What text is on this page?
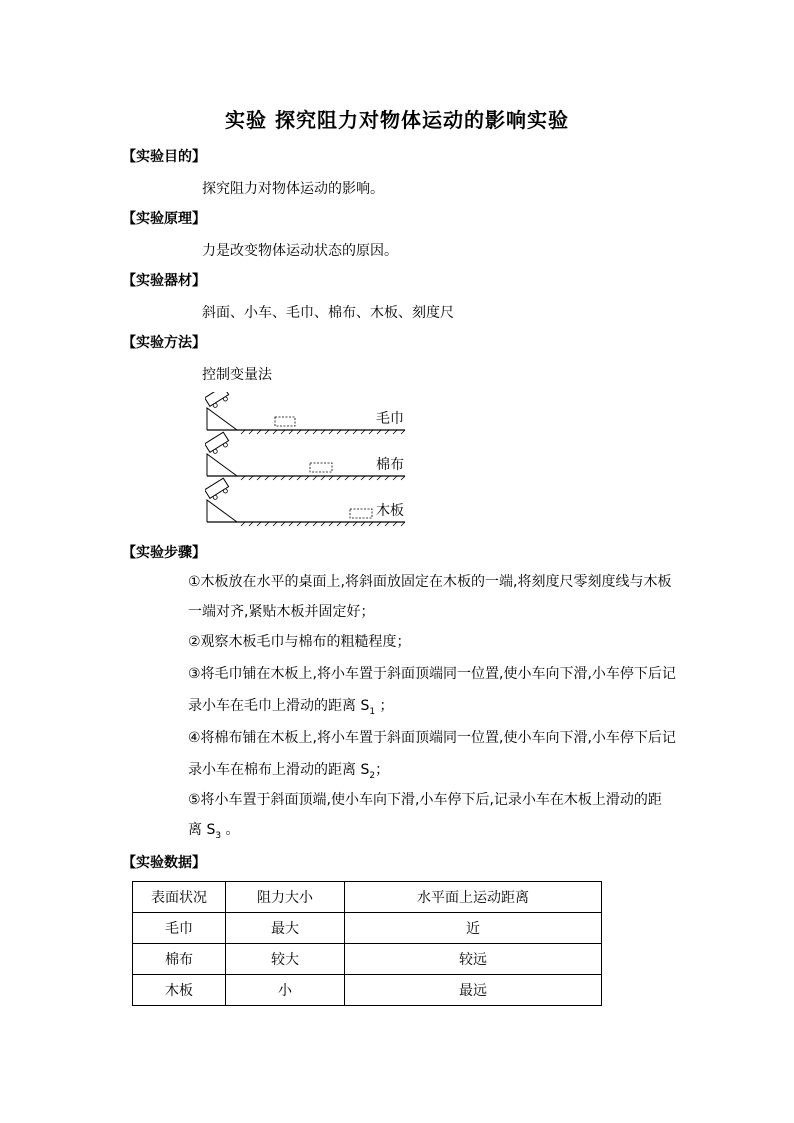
实验 探究阻力对物体运动的影响实验
【实验目的】
探究阻力对物体运动的影响。
【实验原理】
力是改变物体运动状态的原因。
【实验器材】
斜面、小车、毛巾、棉布、木板、刻度尺
【实验方法】
控制变量法
毛巾
棉布
木板
【实验步骤】
①木板放在水平的桌面上,将斜面放固定在木板的一端,将刻度尺零刻度线与木板
一端对齐,紧贴木板并固定好；
②观察木板毛巾与棉布的粗糙程度；
③将毛巾铺在木板上,将小车置于斜面顶端同一位置,使小车向下滑,小车停下后记
录小车在毛巾上滑动的距离 $S_1$ ；
④将棉布铺在木板上,将小车置于斜面顶端同一位置,使小车向下滑,小车停下后记
录小车在棉布上滑动的距离 $S_2$；
⑤将小车置于斜面顶端,使小车向下滑,小车停下后,记录小车在木板上滑动的距
离 $S_3$ 。
【实验数据】
表面状况	阻力大小	水平面上运动距离
毛巾	最大	近
棉布	较大	较远
木板	小	最远
